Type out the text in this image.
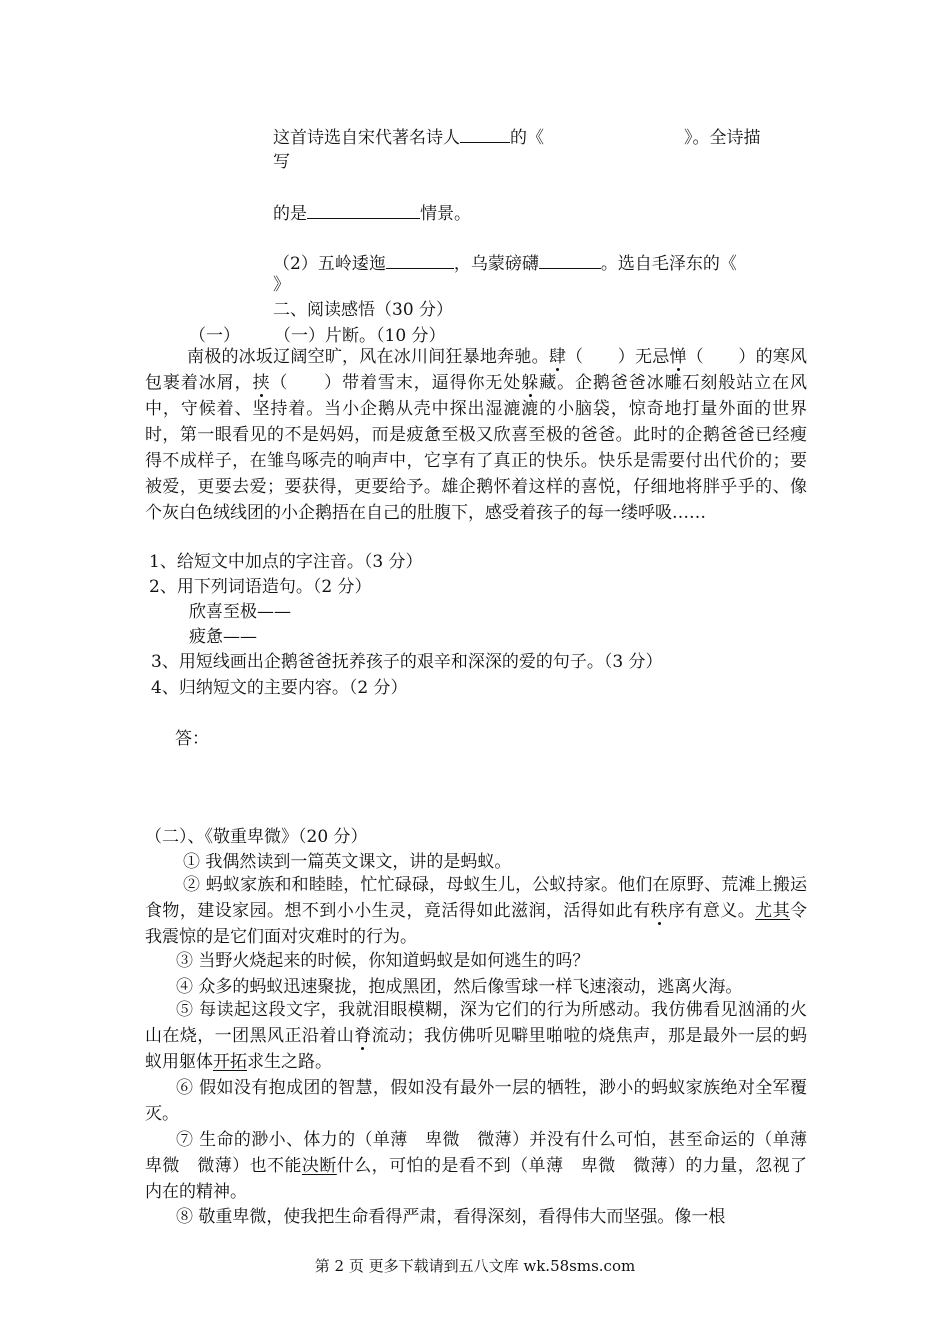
这首诗选自宋代著名诗人	的《	》。全诗描
写
的是	情景。
（2）五岭逶迤	，乌蒙磅礴	。选自毛泽东的《
》
二、阅读感悟（30 分）
（一） （一）片断。（10 分）
南极的冰坂辽阔空旷，风在冰川间狂暴地奔驰。肆（　　）无忌惮（　　）的寒风包裹着冰屑，挟（　　）带着雪末，逼得你无处躲藏。企鹅爸爸冰雕石刻般站立在风中，守候着、坚持着。当小企鹅从壳中探出湿漉漉的小脑袋，惊奇地打量外面的世界时，第一眼看见的不是妈妈，而是疲惫至极又欣喜至极的爸爸。此时的企鹅爸爸已经瘦得不成样子，在雏鸟啄壳的响声中，它享有了真正的快乐。快乐是需要付出代价的；要被爱，更要去爱；要获得，更要给予。雄企鹅怀着这样的喜悦，仔细地将胖乎乎的、像个灰白色绒线团的小企鹅捂在自己的肚腹下，感受着孩子的每一缕呼吸……
1、给短文中加点的字注音。（3 分）
2、用下列词语造句。（2 分）
欣喜至极——
疲惫——
3、用短线画出企鹅爸爸抚养孩子的艰辛和深深的爱的句子。（3 分）
4、归纳短文的主要内容。（2 分）
答：
（二）、《敬重卑微》（20 分）
① 我偶然读到一篇英文课文，讲的是蚂蚁。
② 蚂蚁家族和和睦睦，忙忙碌碌，母蚁生儿，公蚁持家。他们在原野、荒滩上搬运食物，建设家园。想不到小小生灵，竟活得如此滋润，活得如此有秩序有意义。尤其令我震惊的是它们面对灾难时的行为。
③ 当野火烧起来的时候，你知道蚂蚁是如何逃生的吗？
④ 众多的蚂蚁迅速聚拢，抱成黑团，然后像雪球一样飞速滚动，逃离火海。
⑤ 每读起这段文字，我就泪眼模糊，深为它们的行为所感动。我仿佛看见汹涌的火山在烧，一团黑风正沿着山脊流动；我仿佛听见噼里啪啦的烧焦声，那是最外一层的蚂蚁用躯体开拓求生之路。
⑥ 假如没有抱成团的智慧，假如没有最外一层的牺牲，渺小的蚂蚁家族绝对全军覆灭。
⑦ 生命的渺小、体力的（单薄　卑微　微薄）并没有什么可怕，甚至命运的（单薄　卑微　微薄）也不能决断什么，可怕的是看不到（单薄　卑微　微薄）的力量，忽视了内在的精神。
⑧ 敬重卑微，使我把生命看得严肃，看得深刻，看得伟大而坚强。像一根
第 2 页 更多下载请到五八文库 wk.58sms.com
